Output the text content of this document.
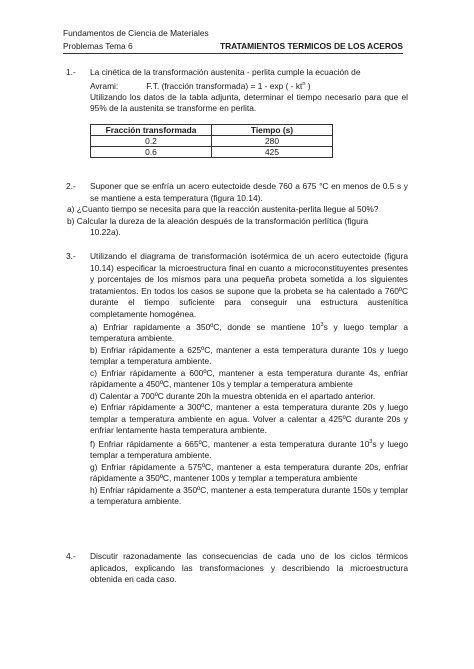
Fundamentos de Ciencia de Materiales
Problemas Tema 6	TRATAMIENTOS TERMICOS DE LOS ACEROS
1.- La cinética de la transformación austenita - perlita cumple la ecuación de

Avrami:	F.T. (fracción transformada) = 1 - exp ( - $kt^n$ )

Utilizando los datos de la tabla adjunta, determinar el tiempo necesario para que el 95% de la austenita se transforme en perlita.

Fracción transformada	Tiempo (s)
0.2	280
0.6	425
2.- Suponer que se enfría un acero eutectoide desde 760 a 675 °C en menos de 0.5 s y se mantiene a esta temperatura (figura 10.14).

a) ¿Cuanto tiempo se necesita para que la reacción austenita-perlita llegue al 50%?

b) Calcular la dureza de la aleación después de la transformación perlítica (figura

10.22a).

3.- Utilizando el diagrama de transformación isotérmica de un acero eutectoide (figura 10.14) especificar la microestructura final en cuanto a microconstituyentes presentes y porcentajes de los mismos para una pequeña probeta sometida a los siguientes tratamientos. En todos los casos se supone que la probeta se ha calentado a 760ºC durante el tiempo suficiente para conseguir una estructura austenítica completamente homogénea.

a) Enfriar rapidamente a 350ºC, donde se mantiene $10^3s$ y luego templar a temperatura ambiente.

b) Enfriar rápidamente a 625ºC, mantener a esta temperatura durante 10s y luego templar a temperatura ambiente.

c) Enfriar rápidamente a 600ºC, mantener a esta temperatura durante 4s, enfriar rápidamente a 450ºC, mantener 10s y templar a temperatura ambiente

d) Calentar a 700ºC durante 20h la muestra obtenida en el apartado anterior.

e) Enfriar rápidamente a 300ºC, mantener a esta temperatura durante 20s y luego templar a temperatura ambiente en agua. Volver a calentar a 425ºC durante 20s y enfriar lentamente hasta temperatura ambiente.

f) Enfriar rápidamente a 665ºC, mantener a esta temperatura durante $10^3s$ y luego templar a temperatura ambiente.

g) Enfriar rápidamente a 575ºC, mantener a esta temperatura durante 20s, enfriar rápidamente a 350ºC, mantener 100s y templar a temperatura ambiente

h) Enfriar rápidamente a 350ºC, mantener a esta temperatura durante 150s y templar a temperatura ambiente.

4.- Discutir razonadamente las consecuencias de cada uno de los ciclos térmicos aplicados, explicando las transformaciones y describiendo la microestructura obtenida en cada caso.
